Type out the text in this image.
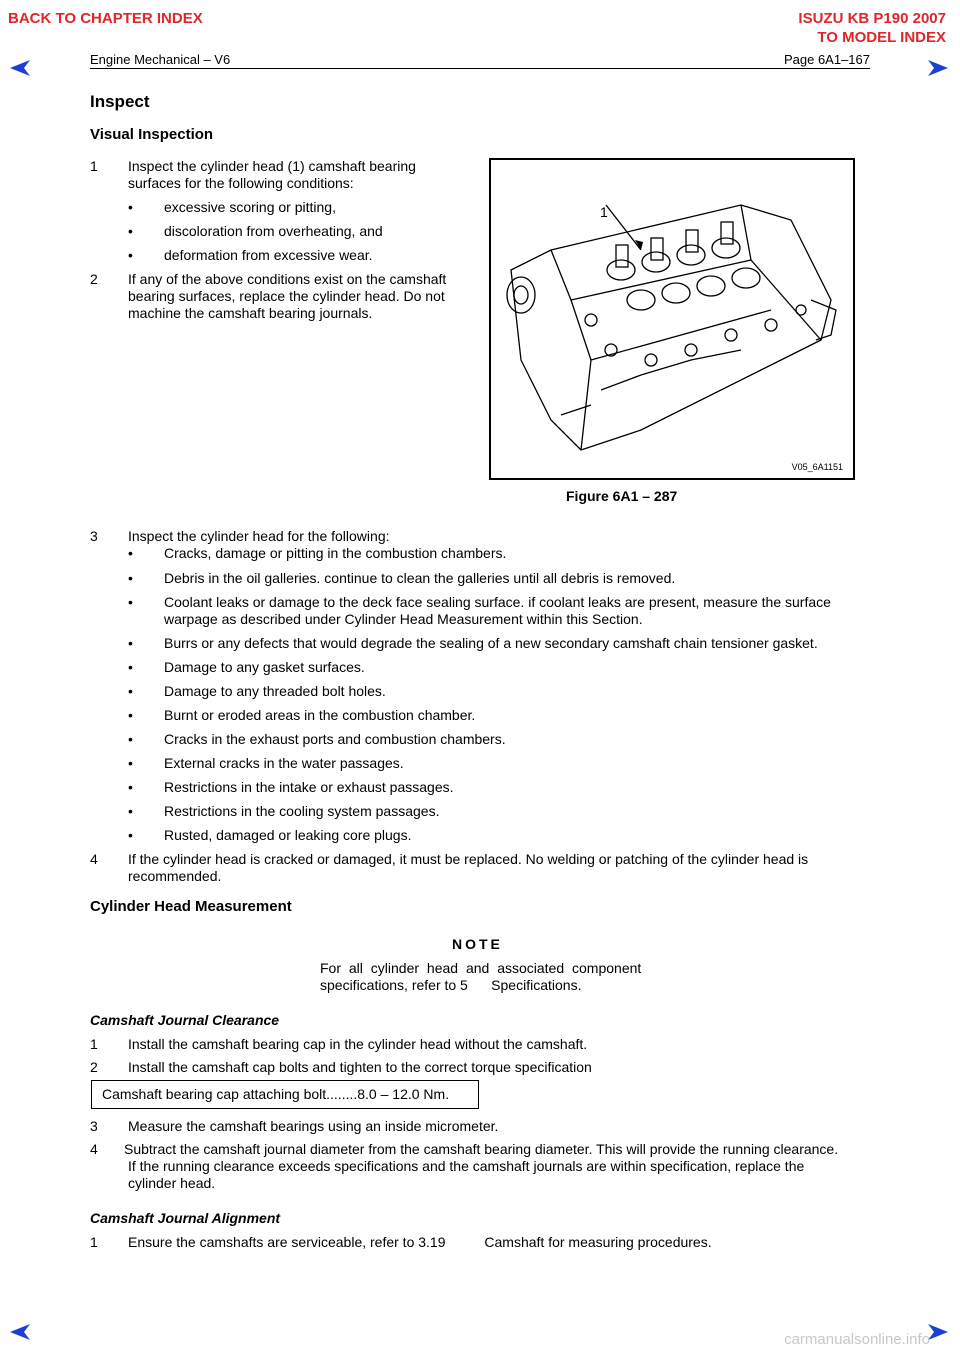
BACK TO CHAPTER INDEX	ISUZU KB P190 2007
TO MODEL INDEX
Engine Mechanical – V6	Page 6A1–167
Inspect
Visual Inspection
1 Inspect the cylinder head (1) camshaft bearing
surfaces for the following conditions:
• excessive scoring or pitting,
• discoloration from overheating, and
• deformation from excessive wear.
2 If any of the above conditions exist on the camshaft
bearing surfaces, replace the cylinder head. Do not
machine the camshaft bearing journals.
1
V05_6A1151
Figure 6A1 – 287
3 Inspect the cylinder head for the following:
• Cracks, damage or pitting in the combustion chambers.
• Debris in the oil galleries. continue to clean the galleries until all debris is removed.
• Coolant leaks or damage to the deck face sealing surface. if coolant leaks are present, measure the surface
warpage as described under Cylinder Head Measurement within this Section.
• Burrs or any defects that would degrade the sealing of a new secondary camshaft chain tensioner gasket.
• Damage to any gasket surfaces.
• Damage to any threaded bolt holes.
• Burnt or eroded areas in the combustion chamber.
• Cracks in the exhaust ports and combustion chambers.
• External cracks in the water passages.
• Restrictions in the intake or exhaust passages.
• Restrictions in the cooling system passages.
• Rusted, damaged or leaking core plugs.
4 If the cylinder head is cracked or damaged, it must be replaced. No welding or patching of the cylinder head is
recommended.
Cylinder Head Measurement
NOTE
For all cylinder head and associated component
specifications, refer to 5      Specifications.
Camshaft Journal Clearance
1 Install the camshaft bearing cap in the cylinder head without the camshaft.
2 Install the camshaft cap bolts and tighten to the correct torque specification
Camshaft bearing cap attaching bolt........8.0 – 12.0 Nm.
3 Measure the camshaft bearings using an inside micrometer.
4 Subtract the camshaft journal diameter from the camshaft bearing diameter. This will provide the running clearance.
If the running clearance exceeds specifications and the camshaft journals are within specification, replace the
cylinder head.
Camshaft Journal Alignment
1 Ensure the camshafts are serviceable, refer to 3.19          Camshaft for measuring procedures.
carmanualsonline.info
